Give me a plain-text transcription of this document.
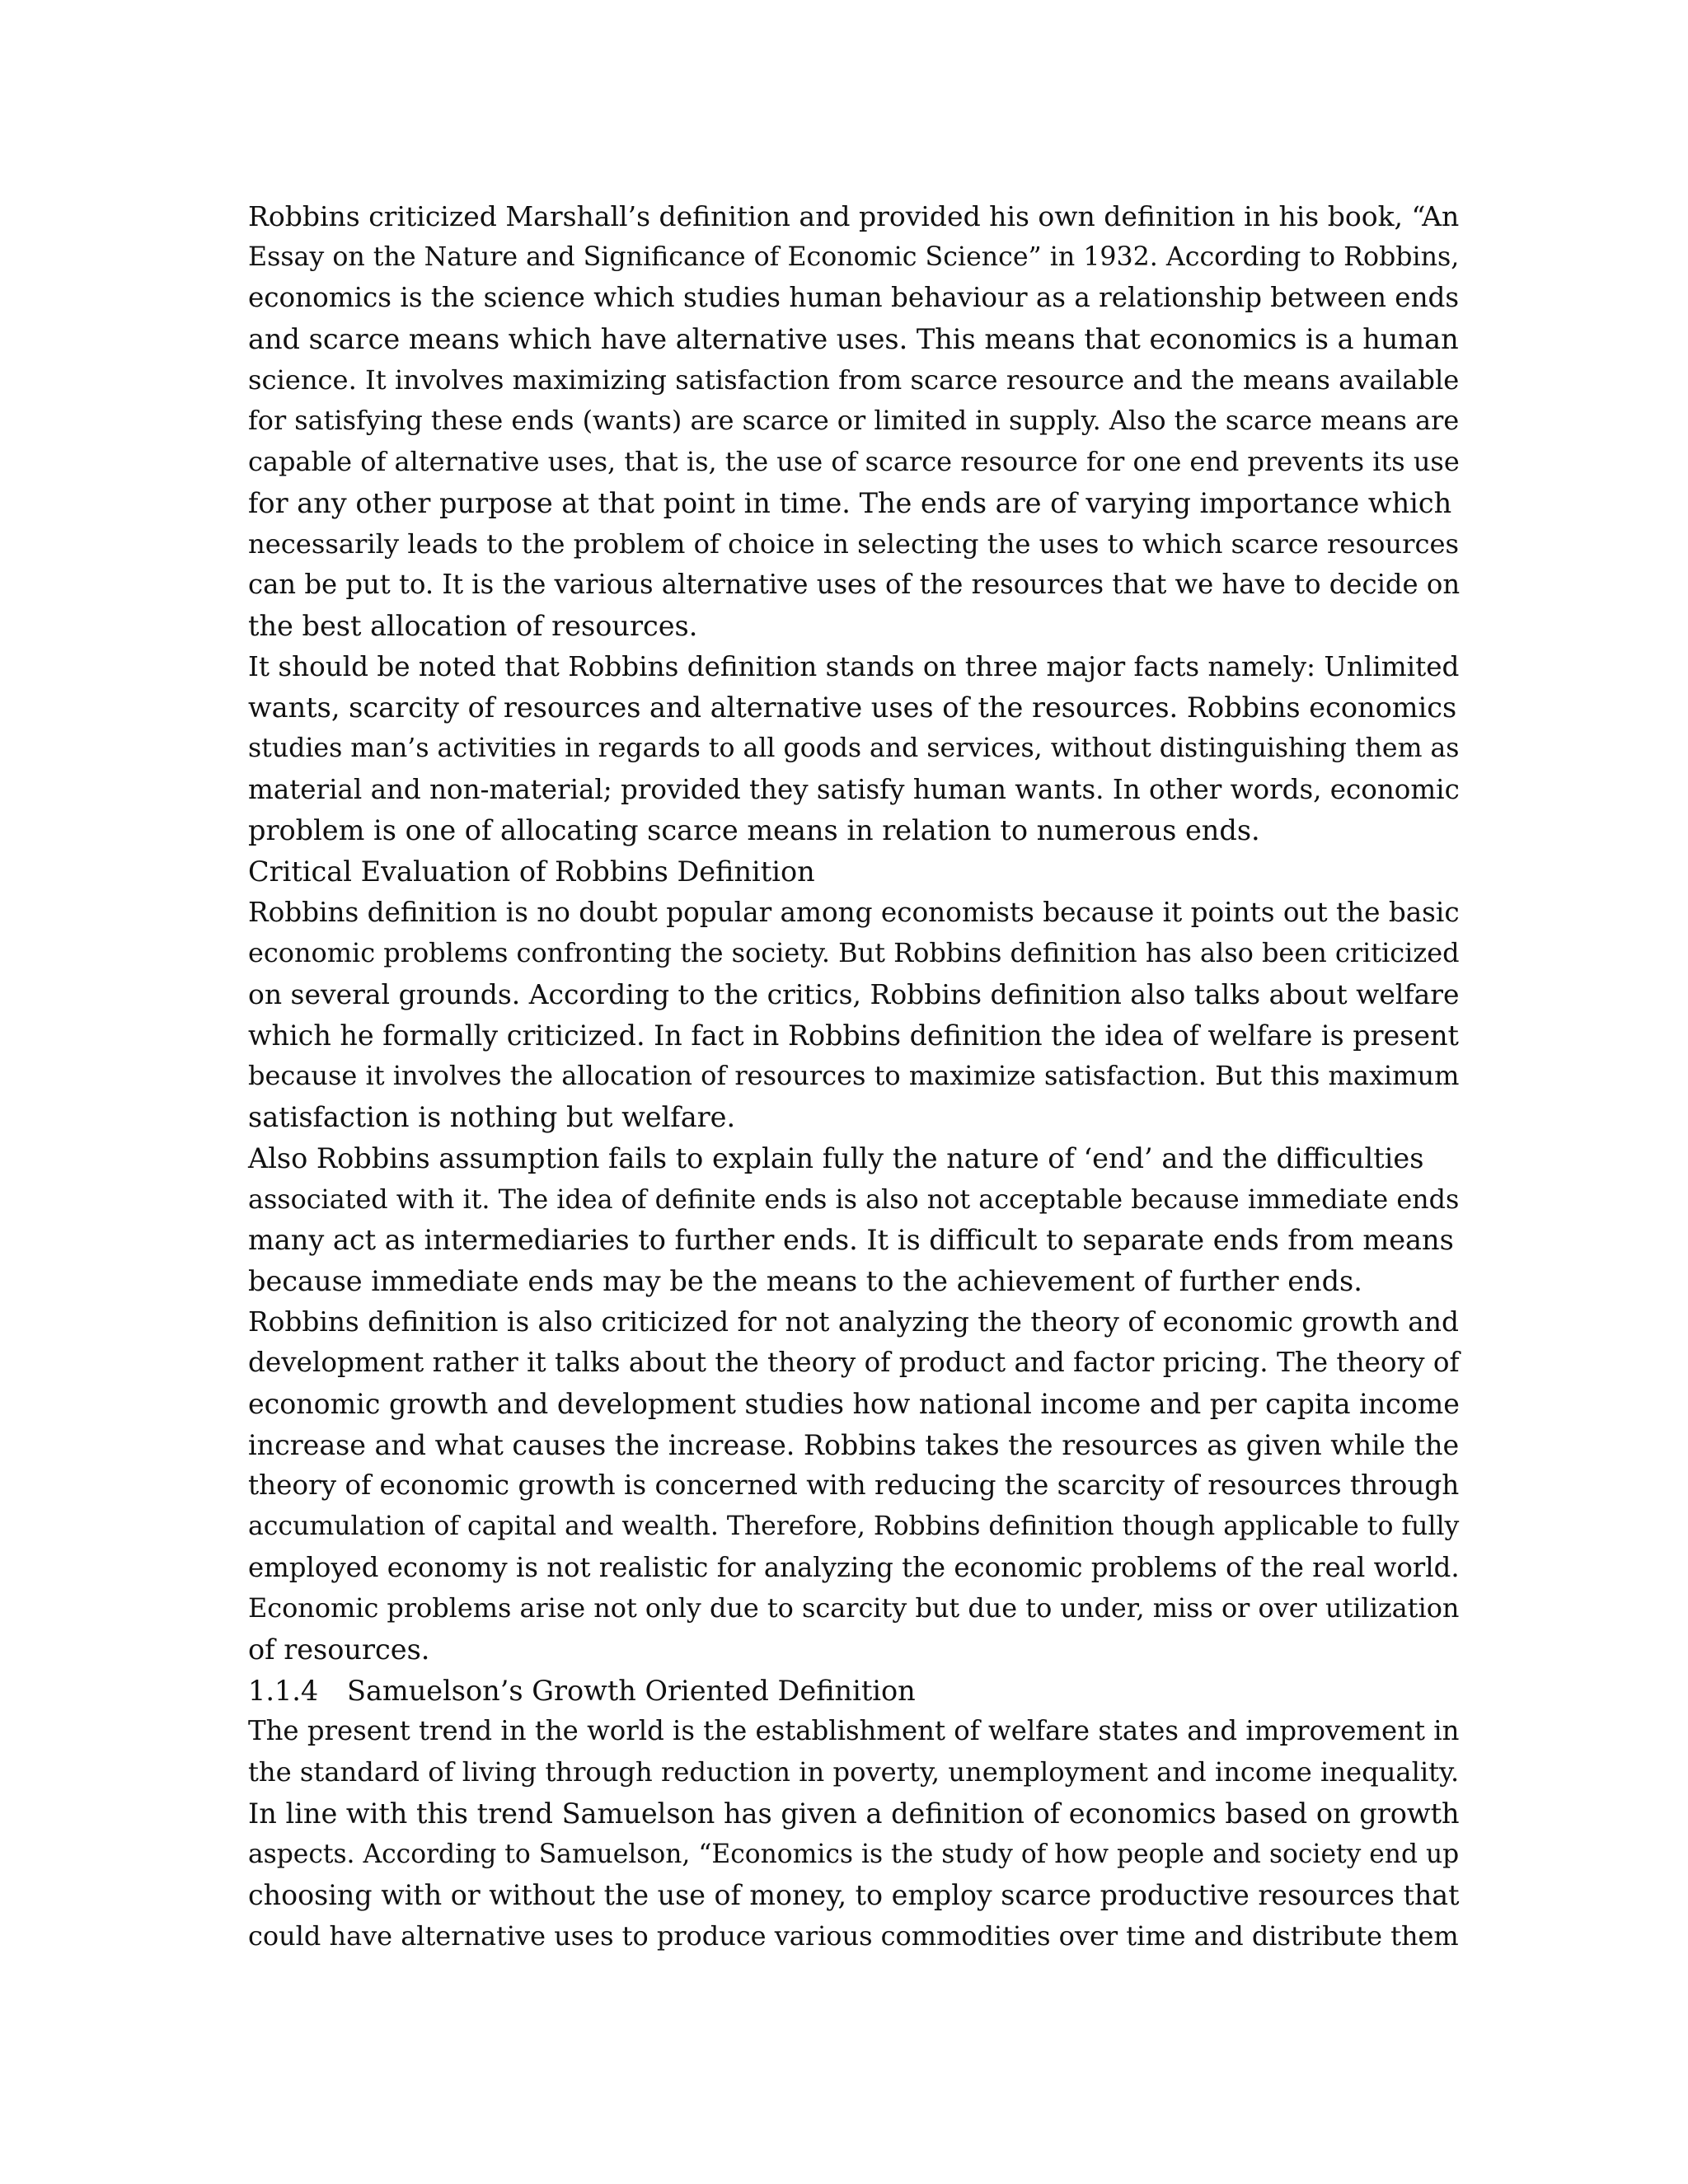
Robbins criticized Marshall’s definition and provided his own definition in his book, “An
Essay on the Nature and Significance of Economic Science” in 1932. According to Robbins,
economics is the science which studies human behaviour as a relationship between ends
and scarce means which have alternative uses. This means that economics is a human
science. It involves maximizing satisfaction from scarce resource and the means available
for satisfying these ends (wants) are scarce or limited in supply. Also the scarce means are
capable of alternative uses, that is, the use of scarce resource for one end prevents its use
for any other purpose at that point in time. The ends are of varying importance which
necessarily leads to the problem of choice in selecting the uses to which scarce resources
can be put to. It is the various alternative uses of the resources that we have to decide on
the best allocation of resources.
It should be noted that Robbins definition stands on three major facts namely: Unlimited
wants, scarcity of resources and alternative uses of the resources. Robbins economics
studies man’s activities in regards to all goods and services, without distinguishing them as
material and non-material; provided they satisfy human wants. In other words, economic
problem is one of allocating scarce means in relation to numerous ends.
Critical Evaluation of Robbins Definition
Robbins definition is no doubt popular among economists because it points out the basic
economic problems confronting the society. But Robbins definition has also been criticized
on several grounds. According to the critics, Robbins definition also talks about welfare
which he formally criticized. In fact in Robbins definition the idea of welfare is present
because it involves the allocation of resources to maximize satisfaction. But this maximum
satisfaction is nothing but welfare.
Also Robbins assumption fails to explain fully the nature of ‘end’ and the difficulties
associated with it. The idea of definite ends is also not acceptable because immediate ends
many act as intermediaries to further ends. It is difficult to separate ends from means
because immediate ends may be the means to the achievement of further ends.
Robbins definition is also criticized for not analyzing the theory of economic growth and
development rather it talks about the theory of product and factor pricing. The theory of
economic growth and development studies how national income and per capita income
increase and what causes the increase. Robbins takes the resources as given while the
theory of economic growth is concerned with reducing the scarcity of resources through
accumulation of capital and wealth. Therefore, Robbins definition though applicable to fully
employed economy is not realistic for analyzing the economic problems of the real world.
Economic problems arise not only due to scarcity but due to under, miss or over utilization
of resources.
1.1.4 Samuelson’s Growth Oriented Definition
The present trend in the world is the establishment of welfare states and improvement in
the standard of living through reduction in poverty, unemployment and income inequality.
In line with this trend Samuelson has given a definition of economics based on growth
aspects. According to Samuelson, “Economics is the study of how people and society end up
choosing with or without the use of money, to employ scarce productive resources that
could have alternative uses to produce various commodities over time and distribute them
